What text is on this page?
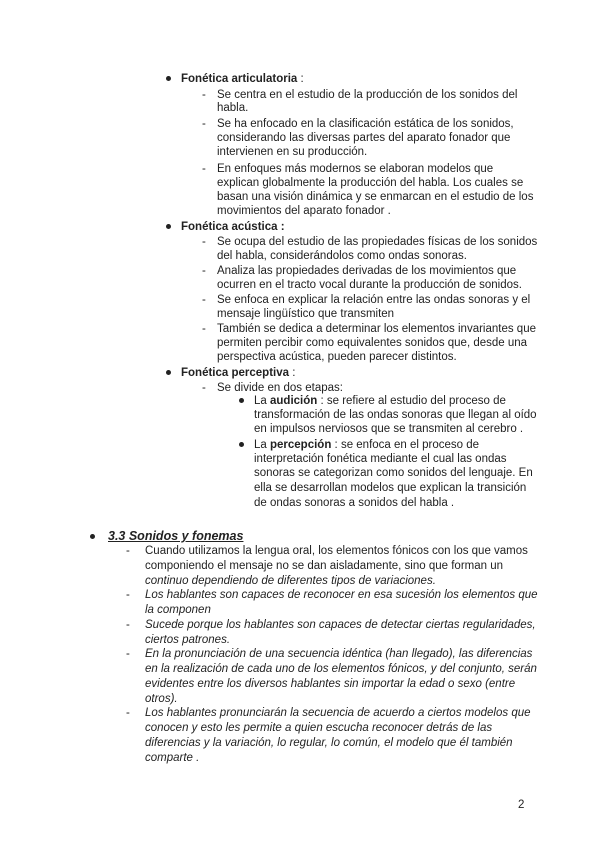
Fonética articulatoria :
- Se centra en el estudio de la producción de los sonidos del
habla.
- Se ha enfocado en la clasificación estática de los sonidos,
considerando las diversas partes del aparato fonador que
intervienen en su producción.
- En enfoques más modernos se elaboran modelos que
explican globalmente la producción del habla. Los cuales se
basan una visión dinámica y se enmarcan en el estudio de los
movimientos del aparato fonador .
Fonética acústica :
- Se ocupa del estudio de las propiedades físicas de los sonidos
del habla, considerándolos como ondas sonoras.
- Analiza las propiedades derivadas de los movimientos que
ocurren en el tracto vocal durante la producción de sonidos.
- Se enfoca en explicar la relación entre las ondas sonoras y el
mensaje lingüístico que transmiten
- También se dedica a determinar los elementos invariantes que
permiten percibir como equivalentes sonidos que, desde una
perspectiva acústica, pueden parecer distintos.
Fonética perceptiva :
- Se divide en dos etapas:
La audición : se refiere al estudio del proceso de
transformación de las ondas sonoras que llegan al oído
en impulsos nerviosos que se transmiten al cerebro .
La percepción : se enfoca en el proceso de
interpretación fonética mediante el cual las ondas
sonoras se categorizan como sonidos del lenguaje. En
ella se desarrollan modelos que explican la transición
de ondas sonoras a sonidos del habla .
3.3 Sonidos y fonemas
- Cuando utilizamos la lengua oral, los elementos fónicos con los que vamos
componiendo el mensaje no se dan aisladamente, sino que forman un
continuo dependiendo de diferentes tipos de variaciones.
- Los hablantes son capaces de reconocer en esa sucesión los elementos que
la componen
- Sucede porque los hablantes son capaces de detectar ciertas regularidades,
ciertos patrones.
- En la pronunciación de una secuencia idéntica (han llegado), las diferencias
en la realización de cada uno de los elementos fónicos, y del conjunto, serán
evidentes entre los diversos hablantes sin importar la edad o sexo (entre
otros).
- Los hablantes pronunciarán la secuencia de acuerdo a ciertos modelos que
conocen y esto les permite a quien escucha reconocer detrás de las
diferencias y la variación, lo regular, lo común, el modelo que él también
comparte .
2
